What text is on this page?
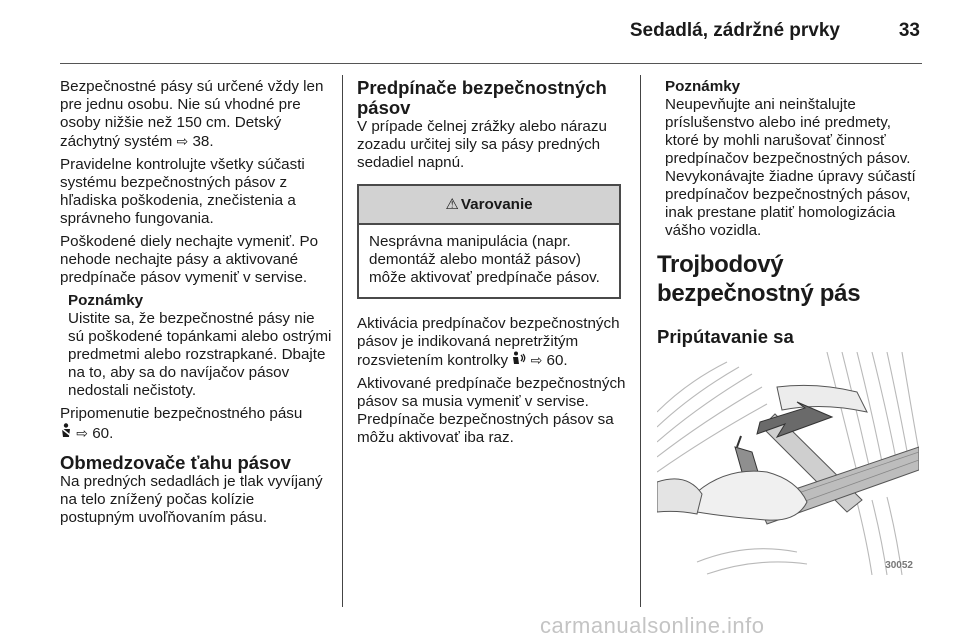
Sedadlá, zádržné prvky	33

Bezpečnostné pásy sú určené vždy len pre jednu osobu. Nie sú vhodné pre osoby nižšie než 150 cm. Detský záchytný systém ⇨ 38.

Pravidelne kontrolujte všetky súčasti systému bezpečnostných pásov z hľadiska poškodenia, znečistenia a správneho fungovania.

Poškodené diely nechajte vymeniť. Po nehode nechajte pásy a aktivované predpínače pásov vymeniť v servise.

Poznámky
Uistite sa, že bezpečnostné pásy nie sú poškodené topánkami alebo ostrými predmetmi alebo rozstrapkané. Dbajte na to, aby sa do navíjačov pásov nedostali nečistoty.

Pripomenutie bezpečnostného pásu
⇨ 60.

Obmedzovače ťahu pásov

Na predných sedadlách je tlak vyvíjaný na telo znížený počas kolízie postupným uvoľňovaním pásu.

Predpínače bezpečnostných pásov

V prípade čelnej zrážky alebo nárazu zozadu určitej sily sa pásy predných sedadiel napnú.

⚠ Varovanie
Nesprávna manipulácia (napr. demontáž alebo montáž pásov) môže aktivovať predpínače pásov.

Aktivácia predpínačov bezpečnostných pásov je indikovaná nepretržitým rozsvietením kontrolky ⇨ 60.

Aktivované predpínače bezpečnostných pásov sa musia vymeniť v servise. Predpínače bezpečnostných pásov sa môžu aktivovať iba raz.

Poznámky
Neupevňujte ani neinštalujte príslušenstvo alebo iné predmety, ktoré by mohli narušovať činnosť predpínačov bezpečnostných pásov. Nevykonávajte žiadne úpravy súčastí predpínačov bezpečnostných pásov, inak prestane platiť homologizácia vášho vozidla.
Trojbodový bezpečnostný pás
Pripútavanie sa
30052
carmanualsonline.info
